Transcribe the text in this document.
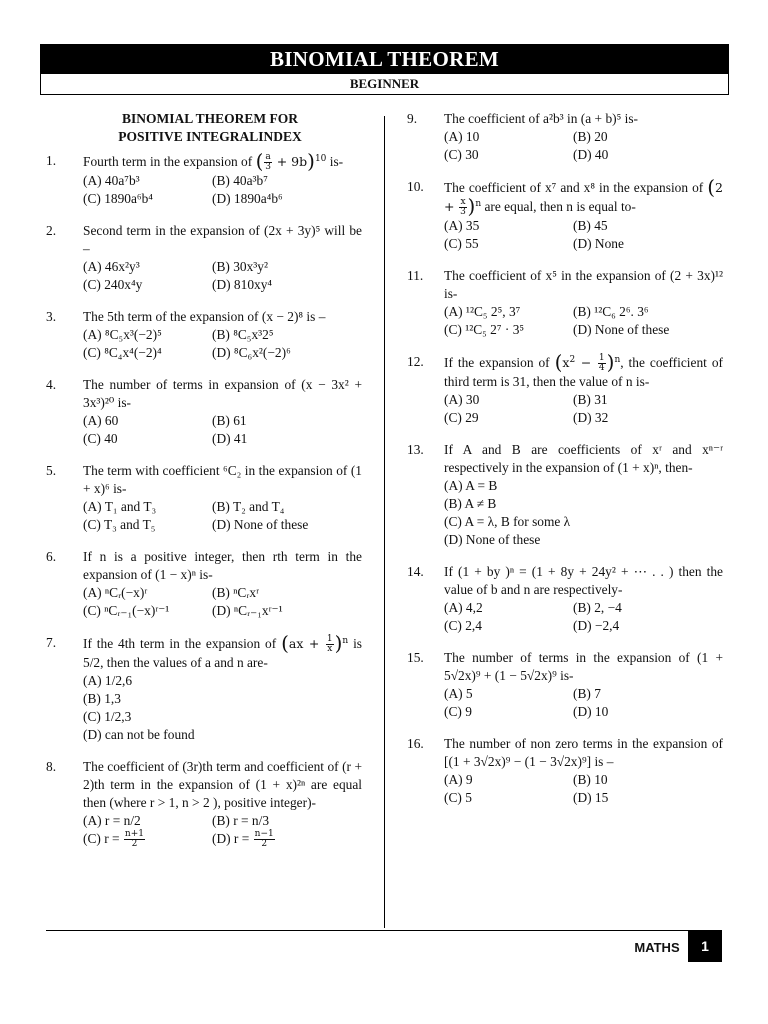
BINOMIAL THEOREM
BEGINNER
BINOMIAL THEOREM FOR
POSITIVE INTEGRALINDEX
1.	Fourth term in the expansion of ( $\frac{a}{3} + 9b)^{10}$ is-
(A) 40a⁷b³	(B) 40a³b⁷
(C) 1890a⁶b⁴	(D) 1890a⁴b⁶
2.	Second term in the expansion of (2x + 3y)⁵ will be –
(A) 46x²y³	(B) 30x³y²
(C) 240x⁴y	(D) 810xy⁴
3.	The 5th term of the expansion of (x − 2)⁸ is –
(A) ⁸C₅x³(−2)⁵	(B) ⁸C₅x³2⁵
(C) ⁸C₄x⁴(−2)⁴	(D) ⁸C₆x²(−2)⁶
4.	The number of terms in expansion of (x − 3x² + 3x³)²⁰ is-
(A) 60	(B) 61
(C) 40	(D) 41
5.	The term with coefficient ⁶C₂ in the expansion of (1 + x)⁶ is-
(A) T₁ and T₃	(B) T₂ and T₄
(C) T₃ and T₅	(D) None of these
6.	If n is a positive integer, then rth term in the expansion of (1 − x)ⁿ is-
(A) ⁿCᵣ(−x)ʳ	(B) ⁿCᵣxʳ
(C) ⁿCᵣ₋₁(−x)ʳ⁻¹	(D) ⁿCᵣ₋₁xʳ⁻¹
7.	If the 4th term in the expansion of $(ax + \frac{1}{x} )^n$ is 5/2, then the values of a and n are-
(A) 1/2,6
(B) 1,3
(C) 1/2,3
(D) can not be found
8.	The coefficient of (3r)th term and coefficient of (r + 2)th term in the expansion of (1 + x)²ⁿ are equal then (where r > 1, n > 2 ), positive integer)-
(A) r = n/2	(B) r = n/3
(C) $r = \frac{n+1}{2}$	(D) $r = \frac{n-1}{2}$
9.	The coefficient of a²b³ in (a + b)⁵ is-
(A) 10	(B) 20
(C) 30	(D) 40
10.	The coefficient of x⁷ and x⁸ in the expansion of $(2 + \frac{x}{3} )^n$ are equal, then n is equal to-
(A) 35	(B) 45
(C) 55	(D) None
11.	The coefficient of x⁵ in the expansion of (2 + 3x)¹² is-
(A) ¹²C₅ 2⁵, 3⁷	(B) ¹²C₆ 2⁶. 3⁶
(C) ¹²C₅ 2⁷ · 3⁵	(D) None of these
12.	If the expansion of $(x^2 - \frac{1}{4} )^n$, the coefficient of third term is 31, then the value of n is-
(A) 30	(B) 31
(C) 29	(D) 32
13.	If A and B are coefficients of xʳ and xⁿ⁻ʳ respectively in the expansion of (1 + x)ⁿ, then-
(A) A = B
(B) A ≠ B
(C) A = λ, B for some λ
(D) None of these
14.	If (1 + by )ⁿ = (1 + 8y + 24y² + ⋯ . . ) then the value of b and n are respectively-
(A) 4,2	(B) 2, −4
(C) 2,4	(D) −2,4
15.	The number of terms in the expansion of (1 + 5√2x)⁹ + (1 − 5√2x)⁹ is-
(A) 5	(B) 7
(C) 9	(D) 10
16.	The number of non zero terms in the expansion of [(1 + 3√2x)⁹ − (1 − 3√2x)⁹] is –
(A) 9	(B) 10
(C) 5	(D) 15
MATHS	1
